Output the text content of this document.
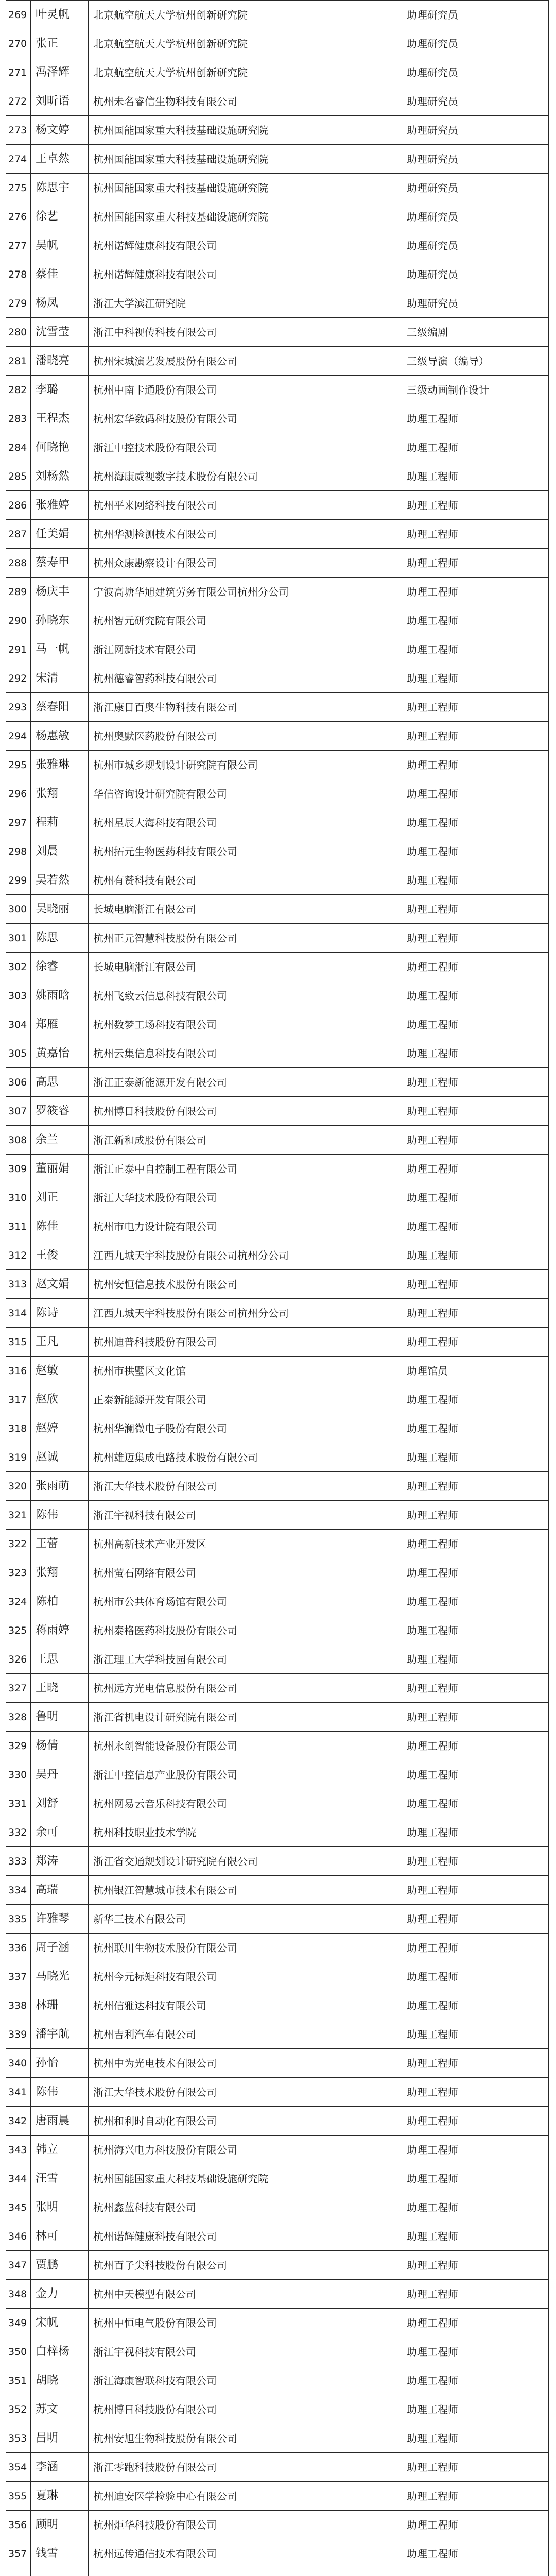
269	叶灵帆	北京航空航天大学杭州创新研究院	助理研究员
270	张正	北京航空航天大学杭州创新研究院	助理研究员
271	冯泽辉	北京航空航天大学杭州创新研究院	助理研究员
272	刘昕语	杭州未名睿信生物科技有限公司	助理研究员
273	杨文婷	杭州国能国家重大科技基础设施研究院	助理研究员
274	王卓然	杭州国能国家重大科技基础设施研究院	助理研究员
275	陈思宇	杭州国能国家重大科技基础设施研究院	助理研究员
276	徐艺	杭州国能国家重大科技基础设施研究院	助理研究员
277	吴帆	杭州诺辉健康科技有限公司	助理研究员
278	蔡佳	杭州诺辉健康科技有限公司	助理研究员
279	杨凤	浙江大学滨江研究院	助理研究员
280	沈雪莹	浙江中科视传科技有限公司	三级编剧
281	潘晓亮	杭州宋城演艺发展股份有限公司	三级导演（编导）
282	李璐	杭州中南卡通股份有限公司	三级动画制作设计
283	王程杰	杭州宏华数码科技股份有限公司	助理工程师
284	何晓艳	浙江中控技术股份有限公司	助理工程师
285	刘杨然	杭州海康威视数字技术股份有限公司	助理工程师
286	张雅婷	杭州平来网络科技有限公司	助理工程师
287	任美娟	杭州华测检测技术有限公司	助理工程师
288	蔡寿甲	杭州众康勘察设计有限公司	助理工程师
289	杨庆丰	宁波高塘华旭建筑劳务有限公司杭州分公司	助理工程师
290	孙晓东	杭州智元研究院有限公司	助理工程师
291	马一帆	浙江网新技术有限公司	助理工程师
292	宋清	杭州德睿智药科技有限公司	助理工程师
293	蔡春阳	浙江康日百奥生物科技有限公司	助理工程师
294	杨惠敏	杭州奥默医药股份有限公司	助理工程师
295	张雅琳	杭州市城乡规划设计研究院有限公司	助理工程师
296	张翔	华信咨询设计研究院有限公司	助理工程师
297	程莉	杭州星辰大海科技有限公司	助理工程师
298	刘晨	杭州拓元生物医药科技有限公司	助理工程师
299	吴若然	杭州有赞科技有限公司	助理工程师
300	吴晓丽	长城电脑浙江有限公司	助理工程师
301	陈思	杭州正元智慧科技股份有限公司	助理工程师
302	徐睿	长城电脑浙江有限公司	助理工程师
303	姚雨晗	杭州飞致云信息科技有限公司	助理工程师
304	郑雁	杭州数梦工场科技有限公司	助理工程师
305	黄嘉怡	杭州云集信息科技有限公司	助理工程师
306	高思	浙江正泰新能源开发有限公司	助理工程师
307	罗筱睿	杭州博日科技股份有限公司	助理工程师
308	余兰	浙江新和成股份有限公司	助理工程师
309	董丽娟	浙江正泰中自控制工程有限公司	助理工程师
310	刘正	浙江大华技术股份有限公司	助理工程师
311	陈佳	杭州市电力设计院有限公司	助理工程师
312	王俊	江西九城天宇科技股份有限公司杭州分公司	助理工程师
313	赵文娟	杭州安恒信息技术股份有限公司	助理工程师
314	陈诗	江西九城天宇科技股份有限公司杭州分公司	助理工程师
315	王凡	杭州迪普科技股份有限公司	助理工程师
316	赵敏	杭州市拱墅区文化馆	助理馆员
317	赵欣	正泰新能源开发有限公司	助理工程师
318	赵婷	杭州华澜微电子股份有限公司	助理工程师
319	赵诚	杭州雄迈集成电路技术股份有限公司	助理工程师
320	张雨萌	浙江大华技术股份有限公司	助理工程师
321	陈伟	浙江宇视科技有限公司	助理工程师
322	王蕾	杭州高新技术产业开发区	助理工程师
323	张翔	杭州萤石网络有限公司	助理工程师
324	陈柏	杭州市公共体育场馆有限公司	助理工程师
325	蒋雨婷	杭州泰格医药科技股份有限公司	助理工程师
326	王思	浙江理工大学科技园有限公司	助理工程师
327	王晓	杭州远方光电信息股份有限公司	助理工程师
328	鲁明	浙江省机电设计研究院有限公司	助理工程师
329	杨倩	杭州永创智能设备股份有限公司	助理工程师
330	吴丹	浙江中控信息产业股份有限公司	助理工程师
331	刘舒	杭州网易云音乐科技有限公司	助理工程师
332	余可	杭州科技职业技术学院	助理工程师
333	郑涛	浙江省交通规划设计研究院有限公司	助理工程师
334	高瑞	杭州银江智慧城市技术有限公司	助理工程师
335	许雅琴	新华三技术有限公司	助理工程师
336	周子涵	杭州联川生物技术股份有限公司	助理工程师
337	马晓光	杭州今元标矩科技有限公司	助理工程师
338	林珊	杭州信雅达科技有限公司	助理工程师
339	潘宇航	杭州吉利汽车有限公司	助理工程师
340	孙怡	杭州中为光电技术有限公司	助理工程师
341	陈伟	浙江大华技术股份有限公司	助理工程师
342	唐雨晨	杭州和利时自动化有限公司	助理工程师
343	韩立	杭州海兴电力科技股份有限公司	助理工程师
344	汪雪	杭州国能国家重大科技基础设施研究院	助理工程师
345	张明	杭州鑫蓝科技有限公司	助理工程师
346	林可	杭州诺辉健康科技有限公司	助理工程师
347	贾鹏	杭州百子尖科技股份有限公司	助理工程师
348	金力	杭州中天模型有限公司	助理工程师
349	宋帆	杭州中恒电气股份有限公司	助理工程师
350	白梓杨	浙江宇视科技有限公司	助理工程师
351	胡晓	浙江海康智联科技有限公司	助理工程师
352	苏文	杭州博日科技股份有限公司	助理工程师
353	吕明	杭州安旭生物科技股份有限公司	助理工程师
354	李涵	浙江零跑科技股份有限公司	助理工程师
355	夏琳	杭州迪安医学检验中心有限公司	助理工程师
356	顾明	杭州炬华科技股份有限公司	助理工程师
357	钱雪	杭州远传通信技术有限公司	助理工程师
